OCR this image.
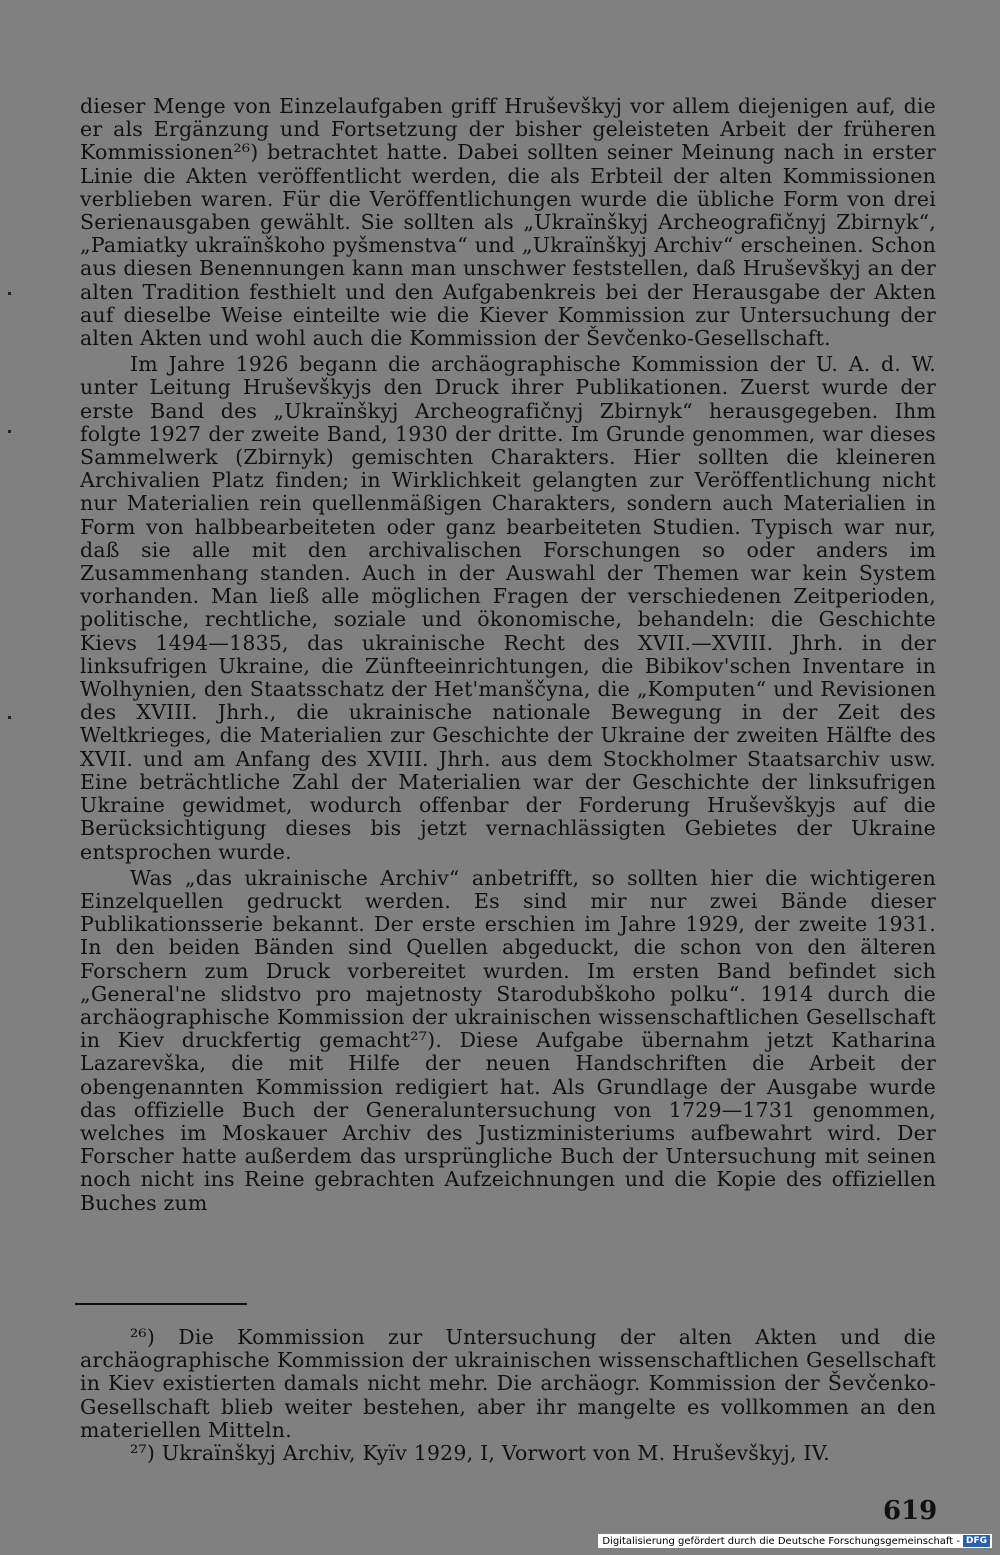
dieser Menge von Einzelaufgaben griff Hruševškyj vor allem diejenigen auf, die er als Ergänzung und Fortsetzung der bisher geleisteten Arbeit der früheren Kommissionen²⁶) betrachtet hatte. Dabei sollten seiner Meinung nach in erster Linie die Akten veröffentlicht werden, die als Erbteil der alten Kommissionen verblieben waren. Für die Veröffentlichungen wurde die übliche Form von drei Serienausgaben gewählt. Sie sollten als „Ukraïnškyj Archeografičnyj Zbirnyk“, „Pamiatky ukraïnškoho pyšmenstva“ und „Ukraïnškyj Archiv“ erscheinen. Schon aus diesen Benennungen kann man unschwer feststellen, daß Hruševškyj an der alten Tradition festhielt und den Aufgabenkreis bei der Herausgabe der Akten auf dieselbe Weise einteilte wie die Kiever Kommission zur Untersuchung der alten Akten und wohl auch die Kommission der Ševčenko-Gesellschaft.

Im Jahre 1926 begann die archäographische Kommission der U. A. d. W. unter Leitung Hruševškyjs den Druck ihrer Publikationen. Zuerst wurde der erste Band des „Ukraïnškyj Archeografičnyj Zbirnyk“ herausgegeben. Ihm folgte 1927 der zweite Band, 1930 der dritte. Im Grunde genommen, war dieses Sammelwerk (Zbirnyk) gemischten Charakters. Hier sollten die kleineren Archivalien Platz finden; in Wirklichkeit gelangten zur Veröffentlichung nicht nur Materialien rein quellenmäßigen Charakters, sondern auch Materialien in Form von halbbearbeiteten oder ganz bearbeiteten Studien. Typisch war nur, daß sie alle mit den archivalischen Forschungen so oder anders im Zusammenhang standen. Auch in der Auswahl der Themen war kein System vorhanden. Man ließ alle möglichen Fragen der verschiedenen Zeitperioden, politische, rechtliche, soziale und ökonomische, behandeln: die Geschichte Kievs 1494—1835, das ukrainische Recht des XVII.—XVIII. Jhrh. in der linksufrigen Ukraine, die Zünfteeinrichtungen, die Bibikov'schen Inventare in Wolhynien, den Staatsschatz der Het'manščyna, die „Komputen“ und Revisionen des XVIII. Jhrh., die ukrainische nationale Bewegung in der Zeit des Weltkrieges, die Materialien zur Geschichte der Ukraine der zweiten Hälfte des XVII. und am Anfang des XVIII. Jhrh. aus dem Stockholmer Staatsarchiv usw. Eine beträchtliche Zahl der Materialien war der Geschichte der linksufrigen Ukraine gewidmet, wodurch offenbar der Forderung Hruševškyjs auf die Berücksichtigung dieses bis jetzt vernachlässigten Gebietes der Ukraine entsprochen wurde.

Was „das ukrainische Archiv“ anbetrifft, so sollten hier die wichtigeren Einzelquellen gedruckt werden. Es sind mir nur zwei Bände dieser Publikationsserie bekannt. Der erste erschien im Jahre 1929, der zweite 1931. In den beiden Bänden sind Quellen abgeduckt, die schon von den älteren Forschern zum Druck vorbereitet wurden. Im ersten Band befindet sich „General'ne slidstvo pro majetnosty Starodubškoho polku“. 1914 durch die archäographische Kommission der ukrainischen wissenschaftlichen Gesellschaft in Kiev druckfertig gemacht²⁷). Diese Aufgabe übernahm jetzt Katharina Lazarevška, die mit Hilfe der neuen Handschriften die Arbeit der obengenannten Kommission redigiert hat. Als Grundlage der Ausgabe wurde das offizielle Buch der Generaluntersuchung von 1729—1731 genommen, welches im Moskauer Archiv des Justizministeriums aufbewahrt wird. Der Forscher hatte außerdem das ursprüngliche Buch der Untersuchung mit seinen noch nicht ins Reine gebrachten Aufzeichnungen und die Kopie des offiziellen Buches zum

²⁶) Die Kommission zur Untersuchung der alten Akten und die archäographische Kommission der ukrainischen wissenschaftlichen Gesellschaft in Kiev existierten damals nicht mehr. Die archäogr. Kommission der Ševčenko-Gesellschaft blieb weiter bestehen, aber ihr mangelte es vollkommen an den materiellen Mitteln.

²⁷) Ukraïnškyj Archiv, Kyïv 1929, I, Vorwort von M. Hruševškyj, IV.

619
Digitalisierung gefördert durch die Deutsche Forschungsgemeinschaft - DFG
